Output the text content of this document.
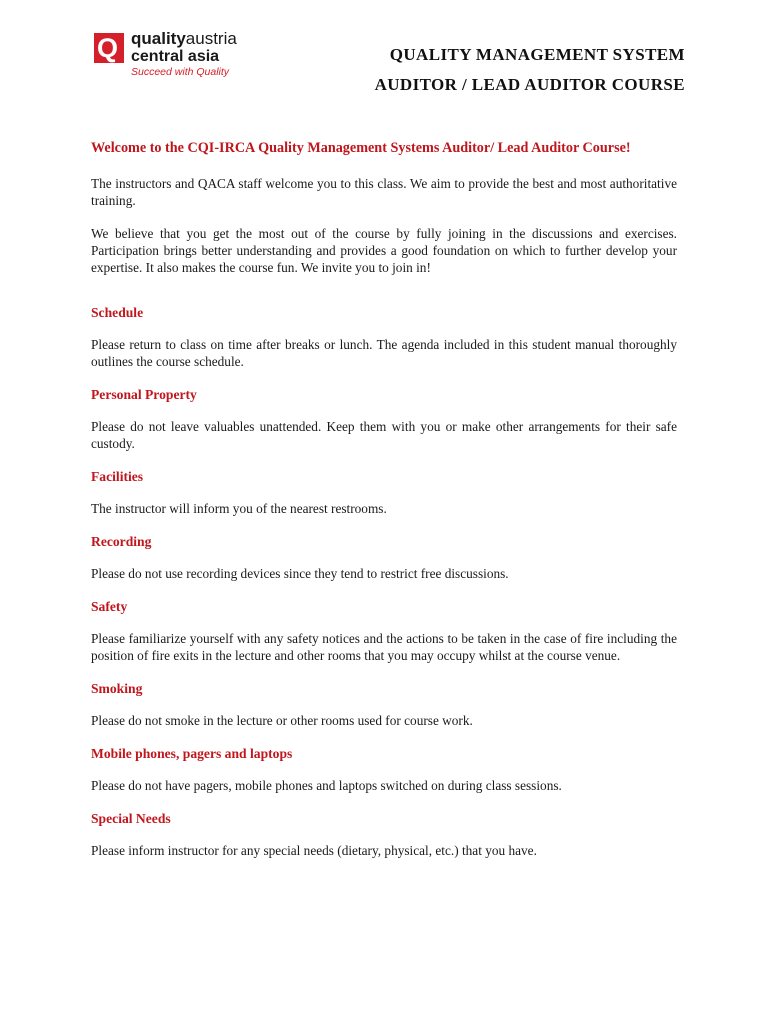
Q qualityaustria
central asia
Succeed with Quality
QUALITY MANAGEMENT SYSTEM
AUDITOR / LEAD AUDITOR COURSE
Welcome to the CQI-IRCA Quality Management Systems Auditor/ Lead Auditor Course!

The instructors and QACA staff welcome you to this class. We aim to provide the best and most authoritative training.

We believe that you get the most out of the course by fully joining in the discussions and exercises. Participation brings better understanding and provides a good foundation on which to further develop your expertise. It also makes the course fun. We invite you to join in!

Schedule

Please return to class on time after breaks or lunch. The agenda included in this student manual thoroughly outlines the course schedule.

Personal Property

Please do not leave valuables unattended. Keep them with you or make other arrangements for their safe custody.

Facilities

The instructor will inform you of the nearest restrooms.

Recording

Please do not use recording devices since they tend to restrict free discussions.

Safety

Please familiarize yourself with any safety notices and the actions to be taken in the case of fire including the position of fire exits in the lecture and other rooms that you may occupy whilst at the course venue.

Smoking

Please do not smoke in the lecture or other rooms used for course work.

Mobile phones, pagers and laptops

Please do not have pagers, mobile phones and laptops switched on during class sessions.

Special Needs

Please inform instructor for any special needs (dietary, physical, etc.) that you have.
